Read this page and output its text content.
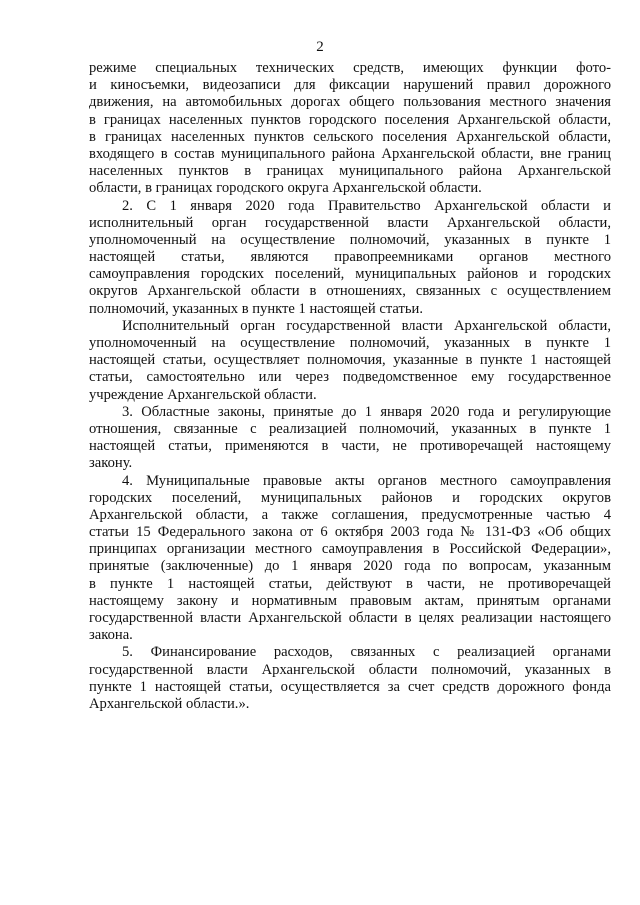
2
режиме специальных технических средств, имеющих функции фото-
и киносъемки, видеозаписи для фиксации нарушений правил дорожного
движения, на автомобильных дорогах общего пользования местного значения
в границах населенных пунктов городского поселения Архангельской области,
в границах населенных пунктов сельского поселения Архангельской области,
входящего в состав муниципального района Архангельской области, вне границ
населенных пунктов в границах муниципального района Архангельской
области, в границах городского округа Архангельской области.
2. С 1 января 2020 года Правительство Архангельской области и
исполнительный орган государственной власти Архангельской области,
уполномоченный на осуществление полномочий, указанных в пункте 1
настоящей статьи, являются правопреемниками органов местного
самоуправления городских поселений, муниципальных районов и городских
округов Архангельской области в отношениях, связанных с осуществлением
полномочий, указанных в пункте 1 настоящей статьи.
Исполнительный орган государственной власти Архангельской области,
уполномоченный на осуществление полномочий, указанных в пункте 1
настоящей статьи, осуществляет полномочия, указанные в пункте 1 настоящей
статьи, самостоятельно или через подведомственное ему государственное
учреждение Архангельской области.
3. Областные законы, принятые до 1 января 2020 года и регулирующие
отношения, связанные с реализацией полномочий, указанных в пункте 1
настоящей статьи, применяются в части, не противоречащей настоящему
закону.
4. Муниципальные правовые акты органов местного самоуправления
городских поселений, муниципальных районов и городских округов
Архангельской области, а также соглашения, предусмотренные частью 4
статьи 15 Федерального закона от 6 октября 2003 года № 131-ФЗ «Об общих
принципах организации местного самоуправления в Российской Федерации»,
принятые (заключенные) до 1 января 2020 года по вопросам, указанным
в пункте 1 настоящей статьи, действуют в части, не противоречащей
настоящему закону и нормативным правовым актам, принятым органами
государственной власти Архангельской области в целях реализации настоящего
закона.
5. Финансирование расходов, связанных с реализацией органами
государственной власти Архангельской области полномочий, указанных в
пункте 1 настоящей статьи, осуществляется за счет средств дорожного фонда
Архангельской области.».
